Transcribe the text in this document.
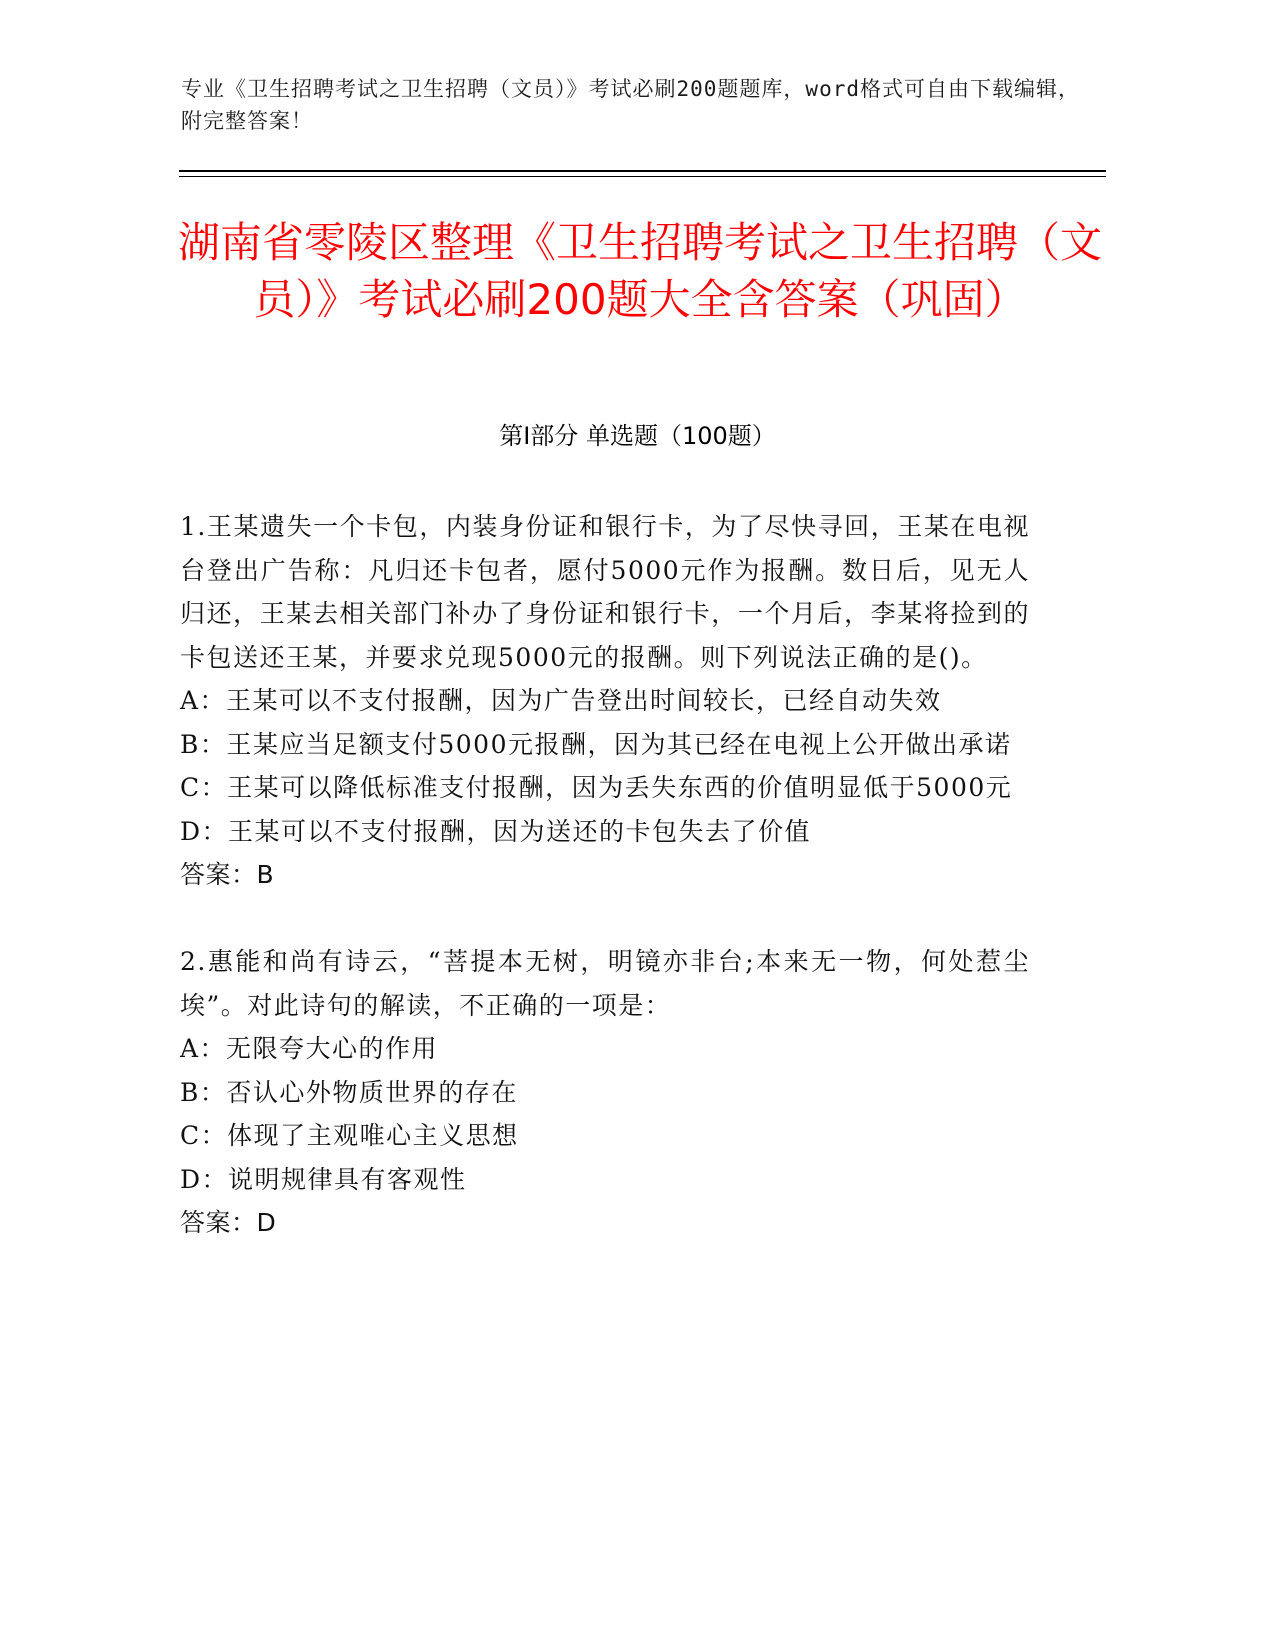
专业《卫生招聘考试之卫生招聘（文员）》考试必刷200题题库，word格式可自由下载编辑，附完整答案！
湖南省零陵区整理《卫生招聘考试之卫生招聘（文员）》考试必刷200题大全含答案（巩固）
第I部分 单选题（100题）

1.王某遗失一个卡包，内装身份证和银行卡，为了尽快寻回，王某在电视台登出广告称：凡归还卡包者，愿付5000元作为报酬。数日后，见无人归还，王某去相关部门补办了身份证和银行卡，一个月后，李某将捡到的卡包送还王某，并要求兑现5000元的报酬。则下列说法正确的是()。

A：王某可以不支付报酬，因为广告登出时间较长，已经自动失效

B：王某应当足额支付5000元报酬，因为其已经在电视上公开做出承诺

C：王某可以降低标准支付报酬，因为丢失东西的价值明显低于5000元

D：王某可以不支付报酬，因为送还的卡包失去了价值

答案：B

2.惠能和尚有诗云，“菩提本无树，明镜亦非台;本来无一物，何处惹尘埃”。对此诗句的解读，不正确的一项是：

A：无限夸大心的作用

B：否认心外物质世界的存在

C：体现了主观唯心主义思想

D：说明规律具有客观性

答案：D
